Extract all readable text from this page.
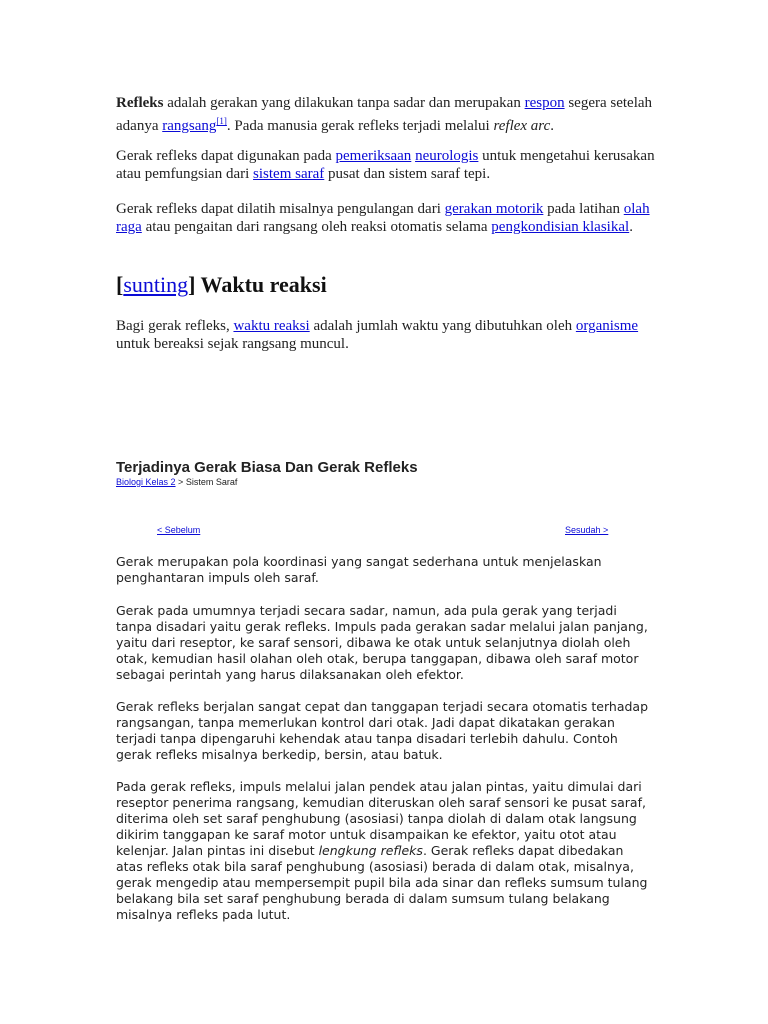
Refleks adalah gerakan yang dilakukan tanpa sadar dan merupakan respon segera setelah adanya rangsang[1]. Pada manusia gerak refleks terjadi melalui reflex arc.

Gerak refleks dapat digunakan pada pemeriksaan neurologis untuk mengetahui kerusakan atau pemfungsian dari sistem saraf pusat dan sistem saraf tepi.

Gerak refleks dapat dilatih misalnya pengulangan dari gerakan motorik pada latihan olah raga atau pengaitan dari rangsang oleh reaksi otomatis selama pengkondisian klasikal.

[sunting] Waktu reaksi

Bagi gerak refleks, waktu reaksi adalah jumlah waktu yang dibutuhkan oleh organisme untuk bereaksi sejak rangsang muncul.

Terjadinya Gerak Biasa Dan Gerak Refleks
Biologi Kelas 2 > Sistem Saraf
< Sebelum	Sesudah >

Gerak merupakan pola koordinasi yang sangat sederhana untuk menjelaskan penghantaran impuls oleh saraf.

Gerak pada umumnya terjadi secara sadar, namun, ada pula gerak yang terjadi tanpa disadari yaitu gerak refleks. Impuls pada gerakan sadar melalui jalan panjang, yaitu dari reseptor, ke saraf sensori, dibawa ke otak untuk selanjutnya diolah oleh otak, kemudian hasil olahan oleh otak, berupa tanggapan, dibawa oleh saraf motor sebagai perintah yang harus dilaksanakan oleh efektor.

Gerak refleks berjalan sangat cepat dan tanggapan terjadi secara otomatis terhadap rangsangan, tanpa memerlukan kontrol dari otak. Jadi dapat dikatakan gerakan terjadi tanpa dipengaruhi kehendak atau tanpa disadari terlebih dahulu. Contoh gerak refleks misalnya berkedip, bersin, atau batuk.

Pada gerak refleks, impuls melalui jalan pendek atau jalan pintas, yaitu dimulai dari reseptor penerima rangsang, kemudian diteruskan oleh saraf sensori ke pusat saraf, diterima oleh set saraf penghubung (asosiasi) tanpa diolah di dalam otak langsung dikirim tanggapan ke saraf motor untuk disampaikan ke efektor, yaitu otot atau kelenjar. Jalan pintas ini disebut lengkung refleks. Gerak refleks dapat dibedakan atas refleks otak bila saraf penghubung (asosiasi) berada di dalam otak, misalnya, gerak mengedip atau mempersempit pupil bila ada sinar dan refleks sumsum tulang belakang bila set saraf penghubung berada di dalam sumsum tulang belakang misalnya refleks pada lutut.
